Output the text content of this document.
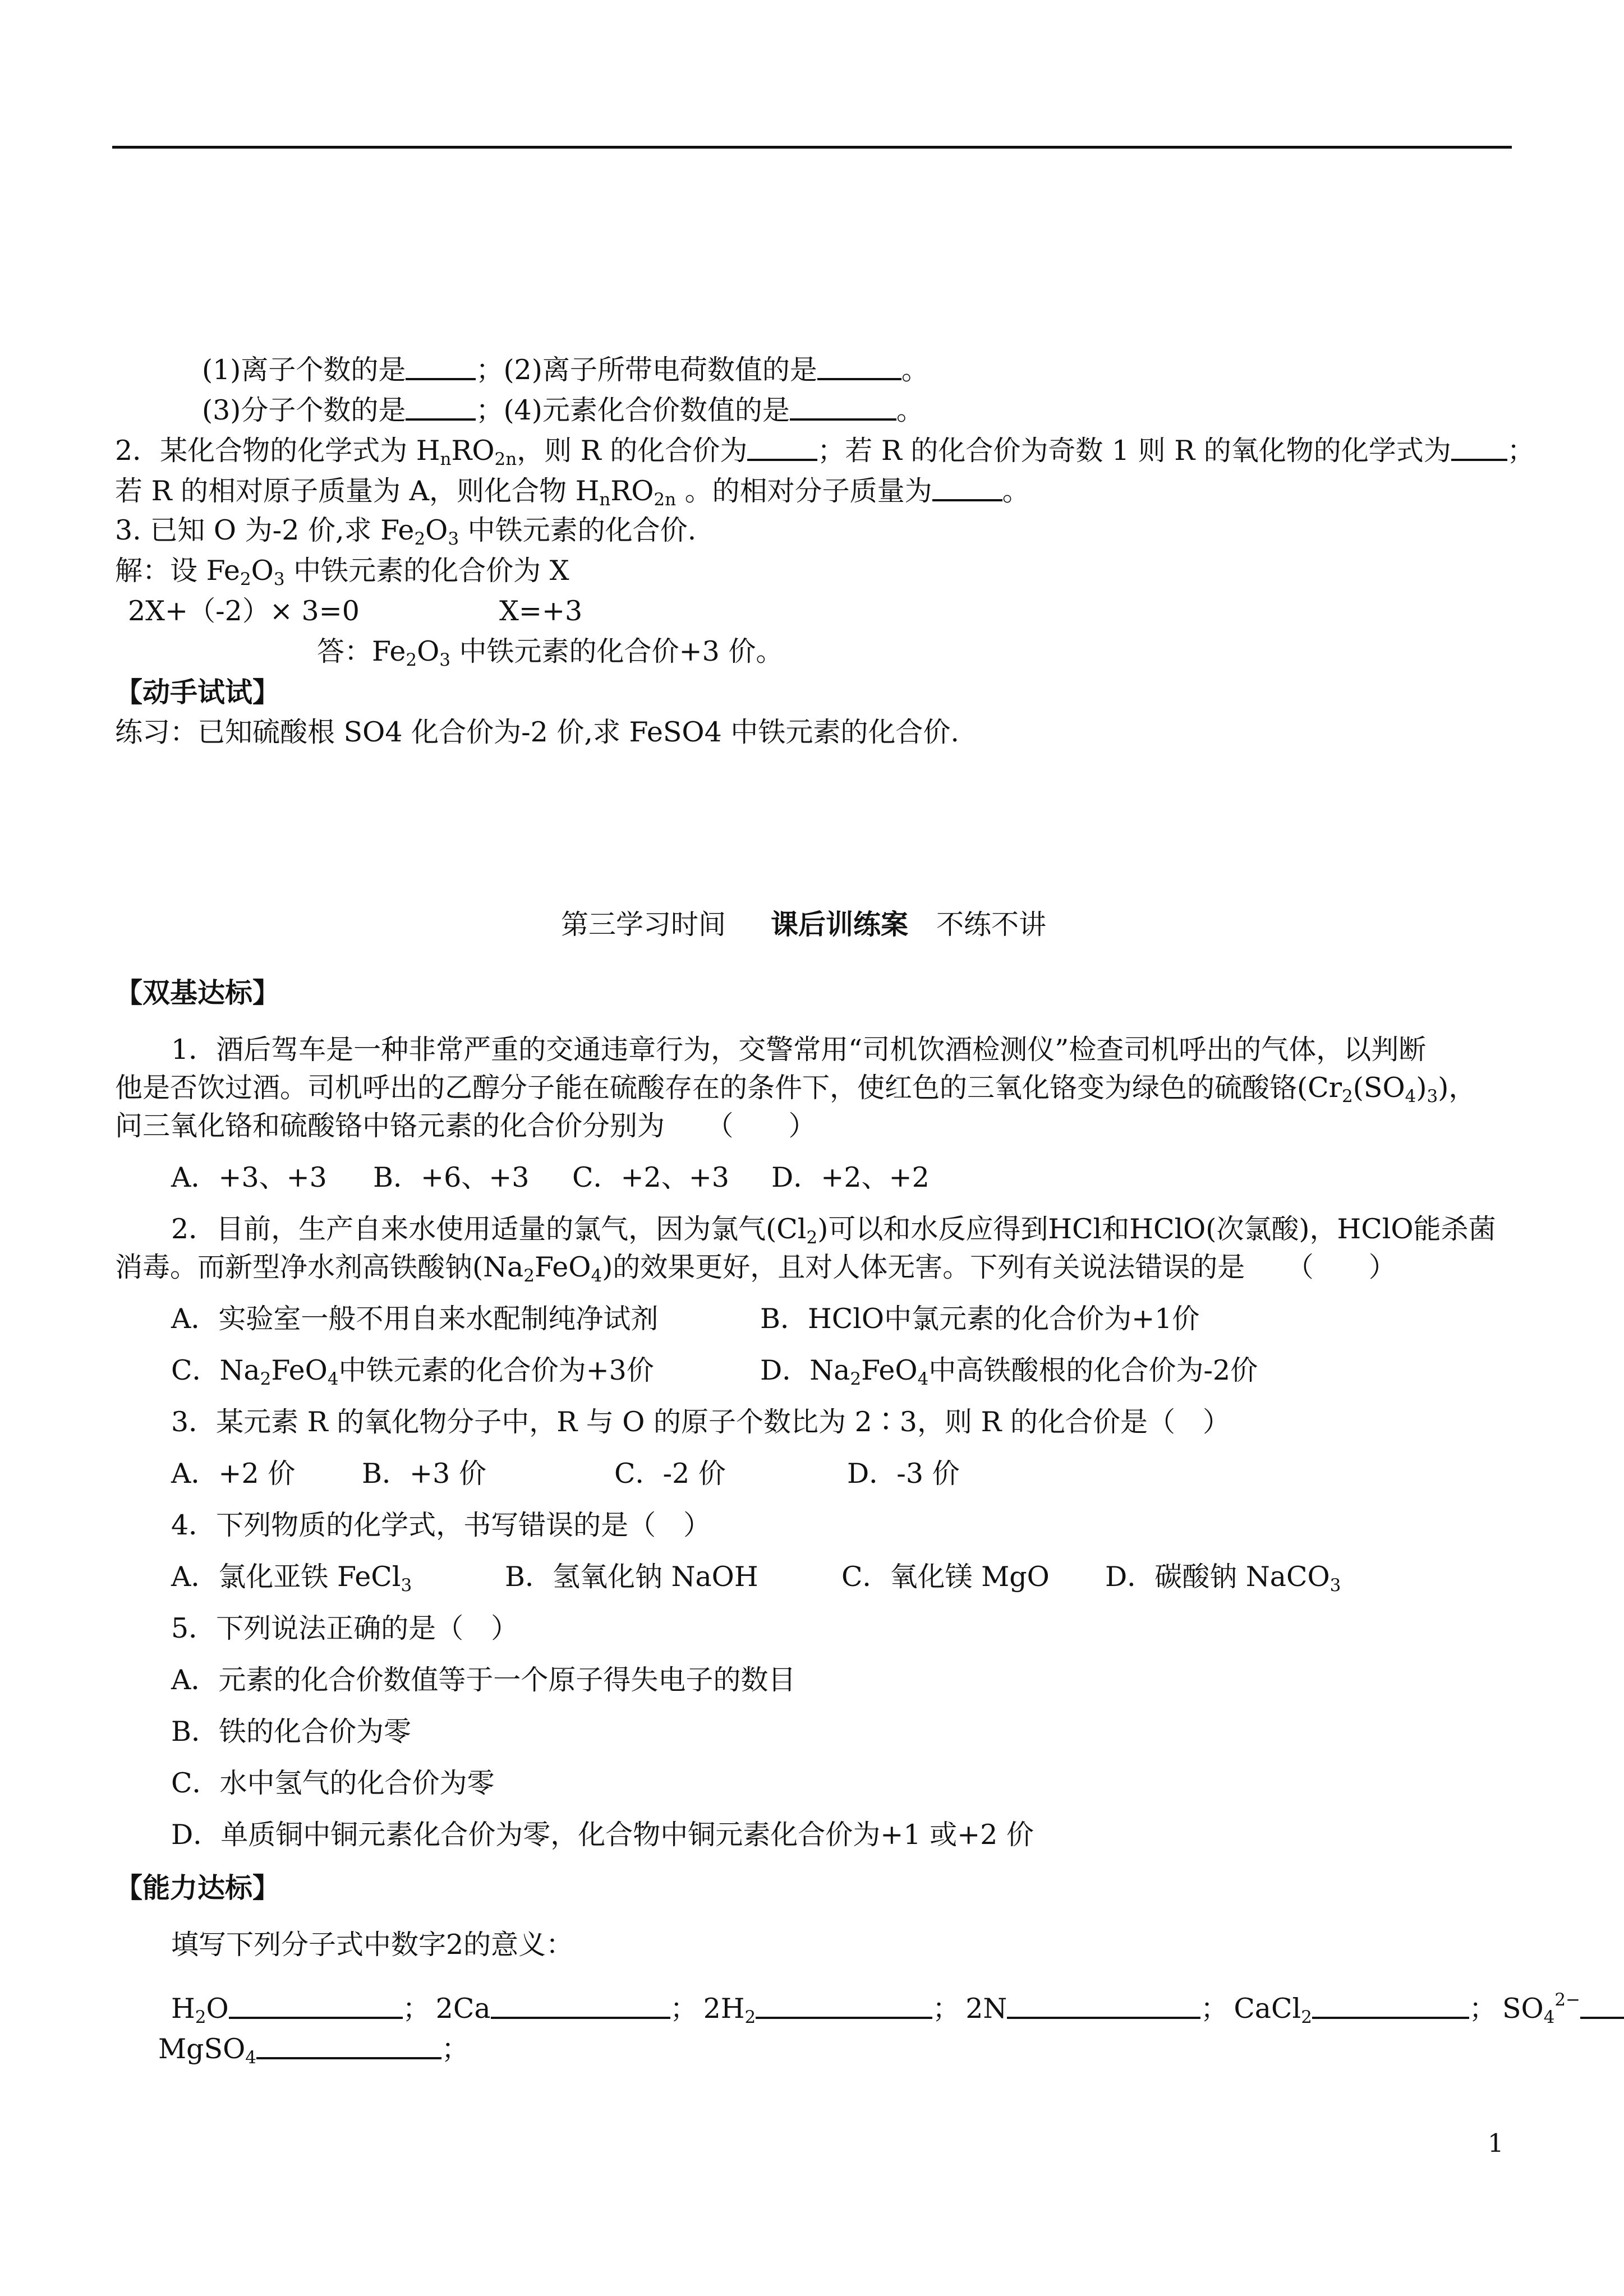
(1)离子个数的是	；(2)离子所带电荷数值的是	。
(3)分子个数的是	；(4)元素化合价数值的是	。
2．某化合物的化学式为 $H_nRO_{2n}$，则 R 的化合价为	；若 R 的化合价为奇数 1 则 R 的氧化物的化学式为 ；
若 R 的相对原子质量为 A，则化合物 $H_nRO_{2n}$ 。的相对分子质量为	。
3. 已知 O 为-2 价,求 $Fe_2O_3$ 中铁元素的化合价.
解：设 $Fe_2O_3$ 中铁元素的化合价为 X
2X+（-2）× 3=0	X=+3
答：$Fe_2O_3$ 中铁元素的化合价+3 价。
【动手试试】
练习：已知硫酸根 SO4 化合价为-2 价,求 FeSO4 中铁元素的化合价.
第三学习时间 课后训练案 不练不讲
【双基达标】
1．酒后驾车是一种非常严重的交通违章行为，交警常用“司机饮酒检测仪”检查司机呼出的气体，以判断
他是否饮过酒。司机呼出的乙醇分子能在硫酸存在的条件下，使红色的三氧化铬变为绿色的硫酸铬$(Cr_2(SO_4)_3)$，
问三氧化铬和硫酸铬中铬元素的化合价分别为　　（　　）
A．+3、+3 B．+6、+3 C．+2、+3 D．+2、+2
2．目前，生产自来水使用适量的氯气，因为氯气$(Cl_2)$可以和水反应得到HCl和HClO(次氯酸)，HClO能杀菌
消毒。而新型净水剂高铁酸钠$(Na_2FeO_4)$的效果更好，且对人体无害。下列有关说法错误的是　　（　　）
A．实验室一般不用自来水配制纯净试剂	B．HClO中氯元素的化合价为+1价
C．$Na_2FeO_4$中铁元素的化合价为+3价	D．$Na_2FeO_4$中高铁酸根的化合价为-2价
3．某元素 R 的氧化物分子中，R 与 O 的原子个数比为 2∶3，则 R 的化合价是（　）
A．+2 价 B．+3 价	C．-2 价	D．-3 价
4．下列物质的化学式，书写错误的是（　）
A．氯化亚铁 FeCl$_3$	B．氢氧化钠 NaOH	C．氧化镁 MgO D．碳酸钠 NaCO$_3$
5．下列说法正确的是（　）
A．元素的化合价数值等于一个原子得失电子的数目
B．铁的化合价为零
C．水中氢气的化合价为零
D．单质铜中铜元素化合价为零，化合物中铜元素化合价为+1 或+2 价
【能力达标】
填写下列分子式中数字2的意义：
$H_2O$	； 2Ca	； $2H_2$	； 2N	； CaCl$_2$	； $SO_4^{2-}$
MgSO$_4$	；
1
